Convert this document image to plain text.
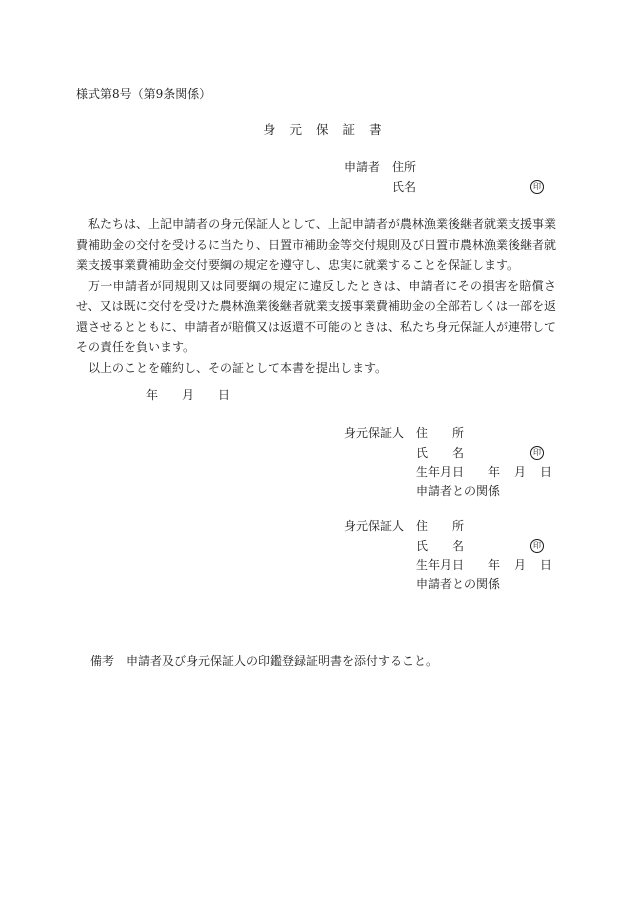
様式第8号（第9条関係）
身 元 保 証 書
申請者 住所
氏名	印

私たちは、上記申請者の身元保証人として、上記申請者が農林漁業後継者就業支援事業費補助金の交付を受けるに当たり、日置市補助金等交付規則及び日置市農林漁業後継者就業支援事業費補助金交付要綱の規定を遵守し、忠実に就業することを保証します。

万一申請者が同規則又は同要綱の規定に違反したときは、申請者にその損害を賠償させ、又は既に交付を受けた農林漁業後継者就業支援事業費補助金の全部若しくは一部を返還させるとともに、申請者が賠償又は返還不可能のときは、私たち身元保証人が連帯してその責任を負います。

以上のことを確約し、その証として本書を提出します。

年 月 日
身元保証人 住 所
氏 名	印
生年月日 年 月 日
申請者との関係
身元保証人 住 所
氏 名	印
生年月日 年 月 日
申請者との関係
備考 申請者及び身元保証人の印鑑登録証明書を添付すること。
